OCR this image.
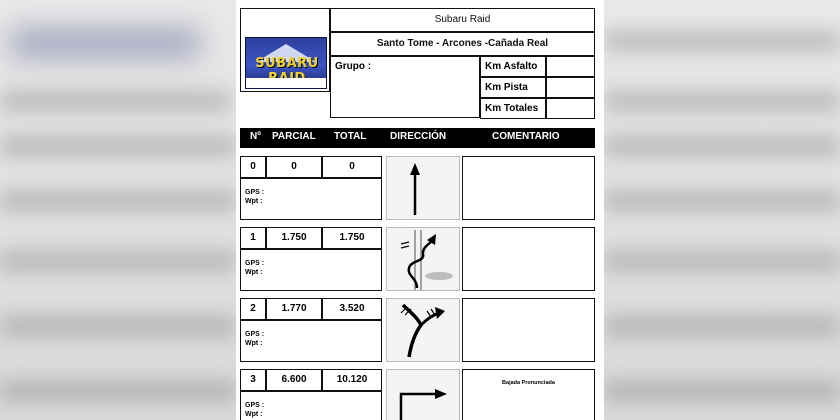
SUBARU
Subaru Raid
Santo Tome - Arcones -Cañada Real
Grupo :	Km Asfalto
Km Pista
Km Totales
Nº PARCIAL TOTAL DIRECCIÓN	COMENTARIO
0	0	0
GPS :
Wpt :
1	1.750	1.750
GPS :
Wpt :
2	1.770	3.520
GPS :
Wpt :
3	6.600	10.120
GPS :
Wpt :
Bajada Pronunciada
